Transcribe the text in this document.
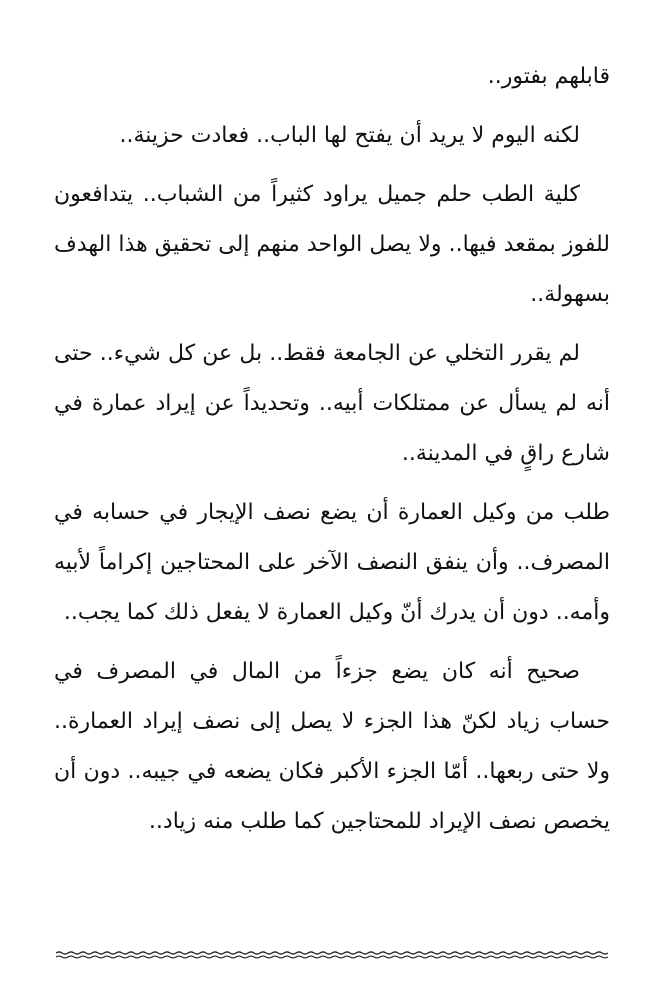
قابلهم بفتور..

لكنه اليوم لا يريد أن يفتح لها الباب.. فعادت حزينة..

كلية الطب حلم جميل يراود كثيراً من الشباب.. يتدافعون للفوز بمقعد فيها.. ولا يصل الواحد منهم إلى تحقيق هذا الهدف بسهولة..

لم يقرر التخلي عن الجامعة فقط.. بل عن كل شيء.. حتى أنه لم يسأل عن ممتلكات أبيه.. وتحديداً عن إيراد عمارة في شارع راقٍ في المدينة..

طلب من وكيل العمارة أن يضع نصف الإيجار في حسابه في المصرف.. وأن ينفق النصف الآخر على المحتاجين إكراماً لأبيه وأمه.. دون أن يدرك أنّ وكيل العمارة لا يفعل ذلك كما يجب..

صحيح أنه كان يضع جزءاً من المال في المصرف في حساب زياد لكنّ هذا الجزء لا يصل إلى نصف إيراد العمارة.. ولا حتى ربعها.. أمّا الجزء الأكبر فكان يضعه في جيبه.. دون أن يخصص نصف الإيراد للمحتاجين كما طلب منه زياد..
